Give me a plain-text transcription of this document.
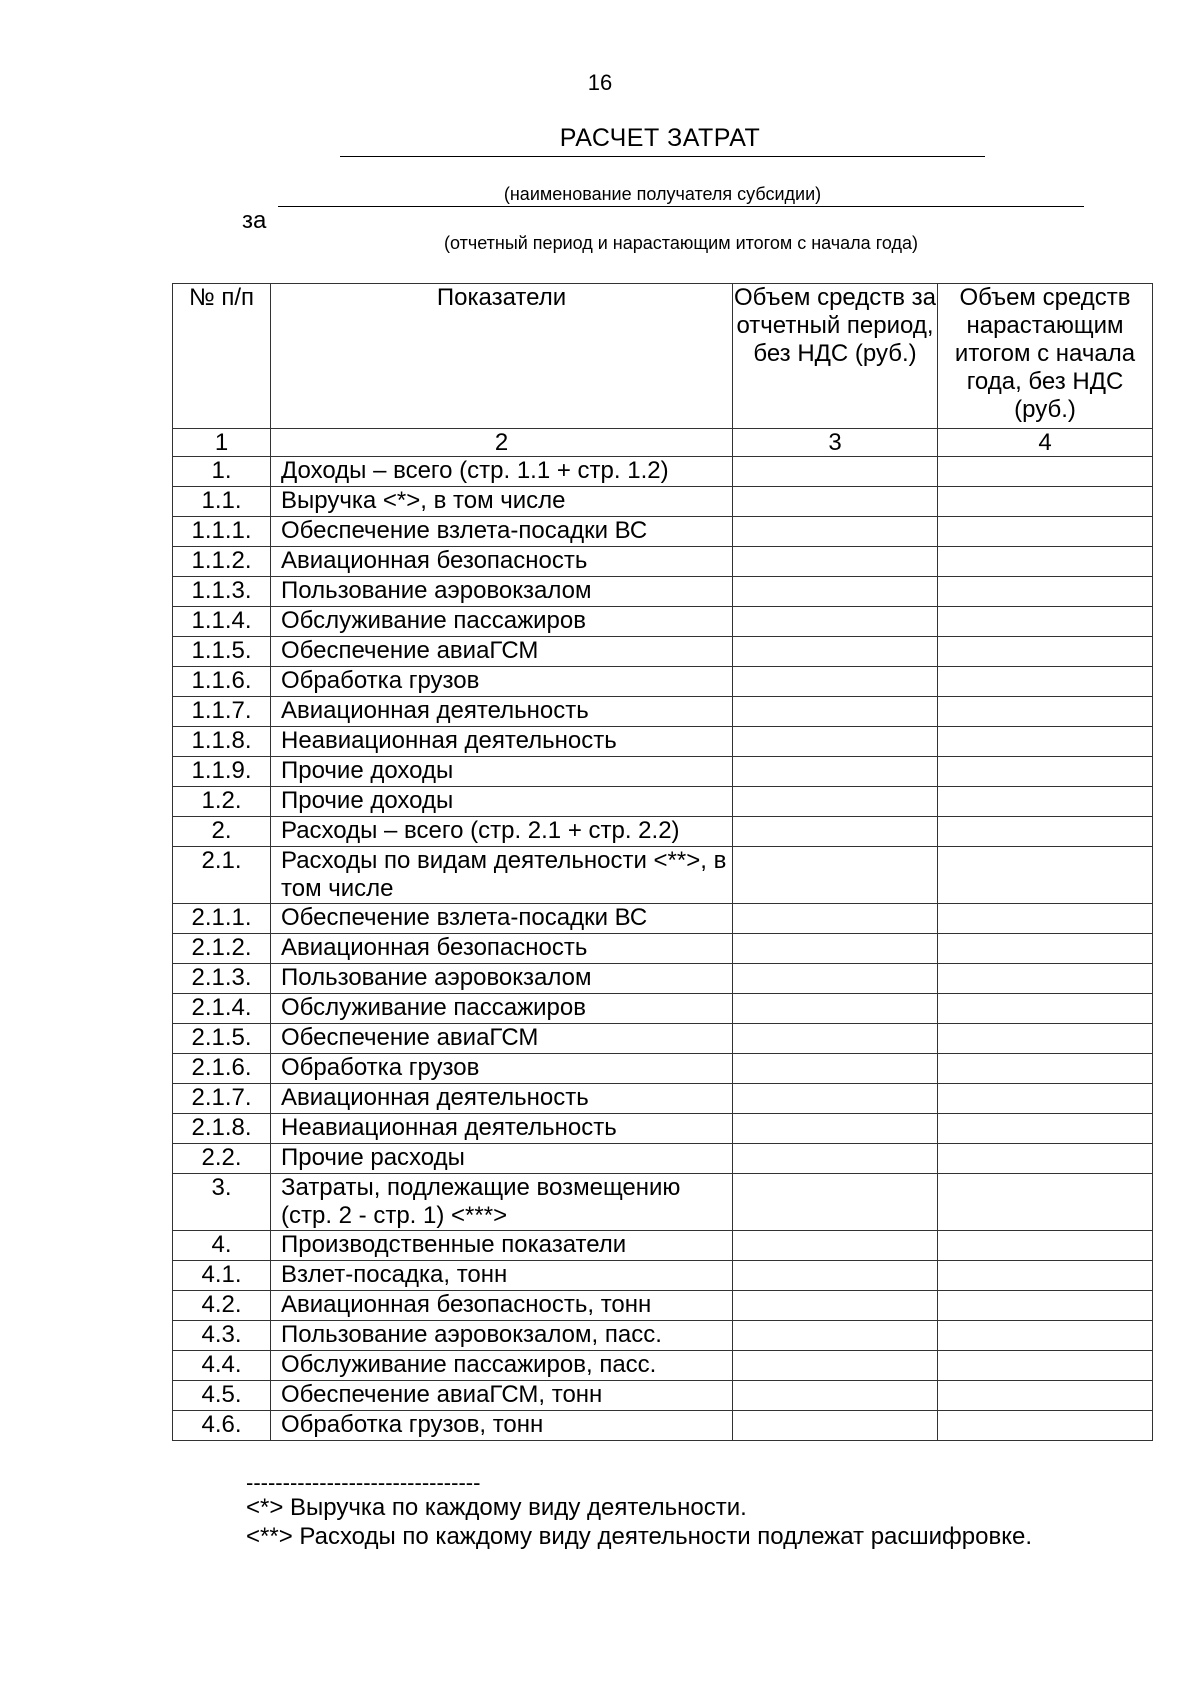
16
РАСЧЕТ ЗАТРАТ
(наименование получателя субсидии)
за
(отчетный период и нарастающим итогом с начала года)
№ п/п	Показатели	Объем средств за отчетный период, без НДС (руб.)	Объем средств нарастающим итогом с начала года, без НДС (руб.)
1	2	3	4
1.	Доходы – всего (стр. 1.1 + стр. 1.2)		
1.1.	Выручка <*>, в том числе		
1.1.1.	Обеспечение взлета-посадки ВС		
1.1.2.	Авиационная безопасность		
1.1.3.	Пользование аэровокзалом		
1.1.4.	Обслуживание пассажиров		
1.1.5.	Обеспечение авиаГСМ		
1.1.6.	Обработка грузов		
1.1.7.	Авиационная деятельность		
1.1.8.	Неавиационная деятельность		
1.1.9.	Прочие доходы		
1.2.	Прочие доходы		
2.	Расходы – всего (стр. 2.1 + стр. 2.2)		
2.1.	Расходы по видам деятельности <**>, в том числе		
2.1.1.	Обеспечение взлета-посадки ВС		
2.1.2.	Авиационная безопасность		
2.1.3.	Пользование аэровокзалом		
2.1.4.	Обслуживание пассажиров		
2.1.5.	Обеспечение авиаГСМ		
2.1.6.	Обработка грузов		
2.1.7.	Авиационная деятельность		
2.1.8.	Неавиационная деятельность		
2.2.	Прочие расходы		
3.	Затраты, подлежащие возмещению (стр. 2 - стр. 1) <***>		
4.	Производственные показатели		
4.1.	Взлет-посадка, тонн		
4.2.	Авиационная безопасность, тонн		
4.3.	Пользование аэровокзалом, пасс.		
4.4.	Обслуживание пассажиров, пасс.		
4.5.	Обеспечение авиаГСМ, тонн		
4.6.	Обработка грузов, тонн		
--------------------------------
<*> Выручка по каждому виду деятельности.
<**> Расходы по каждому виду деятельности подлежат расшифровке.
